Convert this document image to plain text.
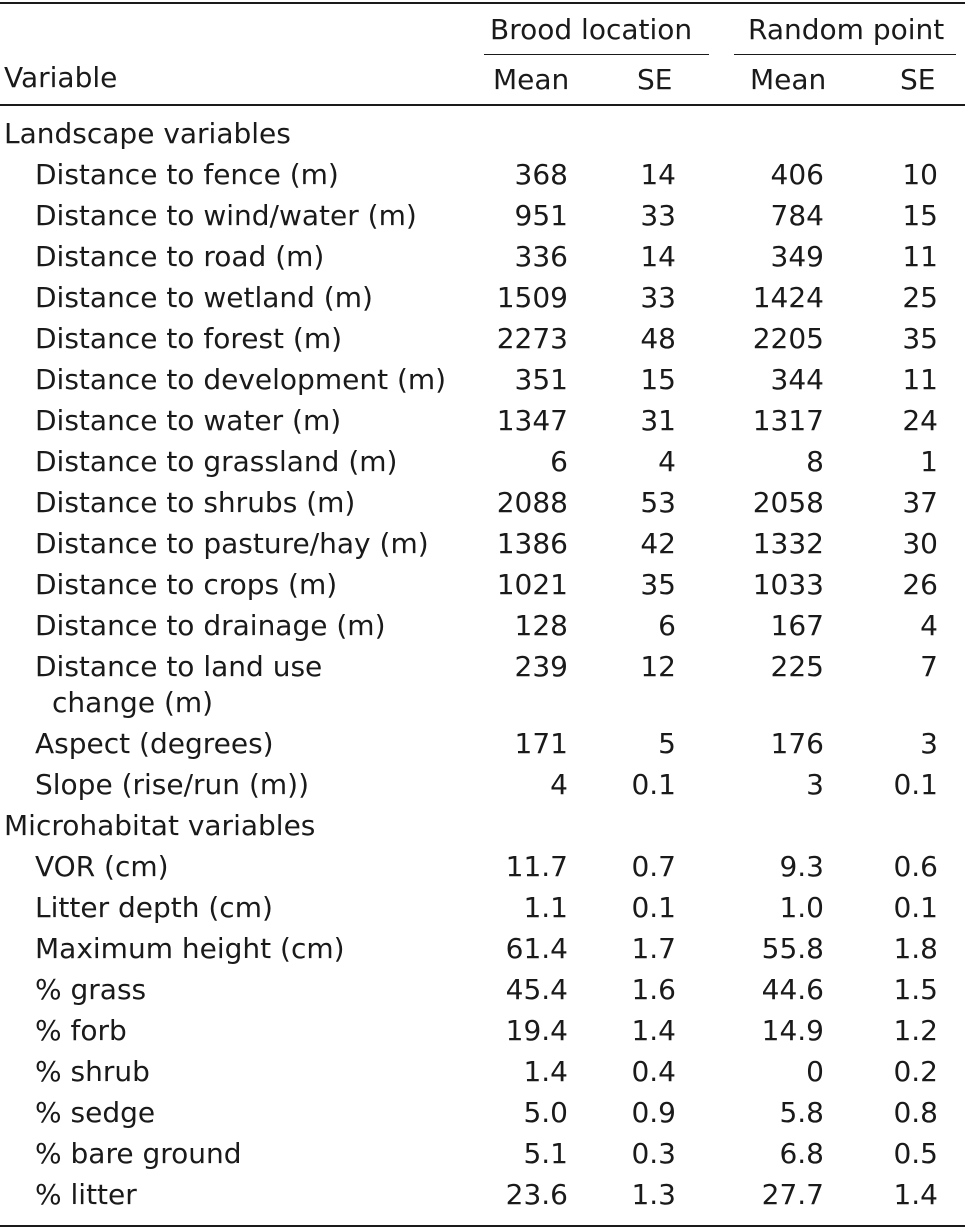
Brood location Random point
Variable	Mean SE	Mean	SE
Landscape variables
Distance to fence (m)	368	14	406	10
Distance to wind/water (m)	951	33	784	15
Distance to road (m)	336	14	349	11
Distance to wetland (m)	1509	33	1424	25
Distance to forest (m)	2273	48	2205	35
Distance to development (m)	351	15	344	11
Distance to water (m)	1347	31	1317	24
Distance to grassland (m)	6	4	8	1
Distance to shrubs (m)	2088	53	2058	37
Distance to pasture/hay (m)	1386	42	1332	30
Distance to crops (m)	1021	35	1033	26
Distance to drainage (m)	128	6	167	4
Distance to land use	239	12	225	7
change (m)
Aspect (degrees)	171	5	176	3
Slope (rise/run (m))	4	0.1	3	0.1
Microhabitat variables
VOR (cm)	11.7	0.7	9.3	0.6
Litter depth (cm)	1.1	0.1	1.0	0.1
Maximum height (cm)	61.4	1.7	55.8	1.8
% grass	45.4	1.6	44.6	1.5
% forb	19.4	1.4	14.9	1.2
% shrub	1.4	0.4	0	0.2
% sedge	5.0	0.9	5.8	0.8
% bare ground	5.1	0.3	6.8	0.5
% litter	23.6	1.3	27.7	1.4
